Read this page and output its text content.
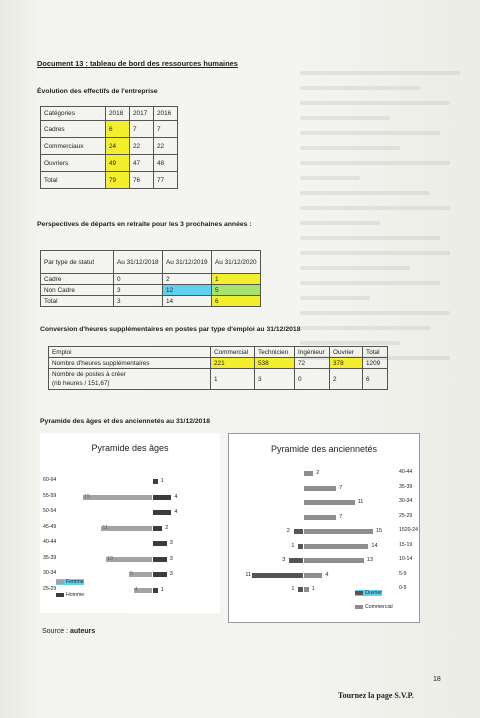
Document 13 : tableau de bord des ressources humaines
Évolution des effectifs de l'entreprise
Catégories	2018	2017	2016
Cadres	6	7	7
Commerciaux	24	22	22
Ouvriers	49	47	48
Total	79	76	77
Perspectives de départs en retraite pour les 3 prochaines années :
Par type de statut	Au 31/12/2018	Au 31/12/2019	Au 31/12/2020
Cadre	0	2	1
Non Cadre	3	12	5
Total	3	14	6
Conversion d'heures supplémentaires en postes par type d'emploi au 31/12/2018
Emploi	Commercial	Technicien	Ingénieur	Ouvrier	Total
Nombre d'heures supplémentaires	221	538	72	378	1209
Nombre de postes à créer
(nb heures / 151,67)	1	3	0	2	6
Pyramide des âges et des anciennetés au 31/12/2018
Pyramide des âges
60-64	1
55-59	15	4
50-54	4
45-49	11	2
40-44	3
35-39	10	3
30-34	5	3
25-29	4	1
Femme
Homme
Pyramide des anciennetés
40-44
2
35-39
7
30-34
11
25-29
7
1520-24
2	15
15-19
1	14
10-14
3	13
5-9
11	4
0-5
1	1
Ouvrier
Commercial
Source : auteurs
18
Tournez la page S.V.P.
